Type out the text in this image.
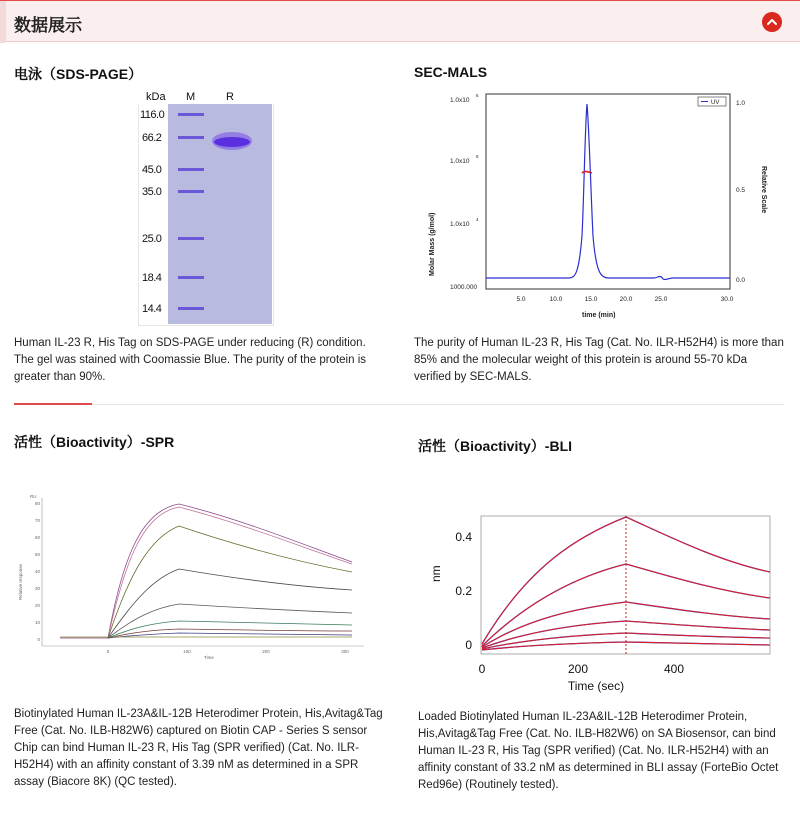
数据展示
电泳（SDS-PAGE）
kDa M	R
116.0
66.2
45.0
35.0
25.0
18.4
14.4
Human IL-23 R, His Tag on SDS-PAGE under reducing (R) condition. The gel was stained with Coomassie Blue. The purity of the protein is greater than 90%.
SEC-MALS
Molar Mass (g/mol)
Relative Scale
time (min)
1.0x10
6
1.0x10
5
1.0x10
4
1000.000
1.0
0.5
0.0
5.0	10.0	15.0	20.0	25.0	30.0
UV
The purity of Human IL-23 R, His Tag (Cat. No. ILR-H52H4) is more than 85% and the molecular weight of this protein is around 55-70 kDa verified by SEC-MALS.
活性（Bioactivity）-SPR
RU
Relative response
80
70
60
50
40
30
20
10
0
0	100	200	300
Time
Biotinylated Human IL-23A&IL-12B Heterodimer Protein, His,Avitag&Tag Free (Cat. No. ILB-H82W6) captured on Biotin CAP - Series S sensor Chip can bind Human IL-23 R, His Tag (SPR verified) (Cat. No. ILR-H52H4) with an affinity constant of 3.39 nM as determined in a SPR assay (Biacore 8K) (QC tested).
活性（Bioactivity）-BLI
nm
0.4
0.2
0
0	200	400
Time (sec)
Loaded Biotinylated Human IL-23A&IL-12B Heterodimer Protein, His,Avitag&Tag Free (Cat. No. ILB-H82W6) on SA Biosensor, can bind Human IL-23 R, His Tag (SPR verified) (Cat. No. ILR-H52H4) with an affinity constant of 33.2 nM as determined in BLI assay (ForteBio Octet Red96e) (Routinely tested).
